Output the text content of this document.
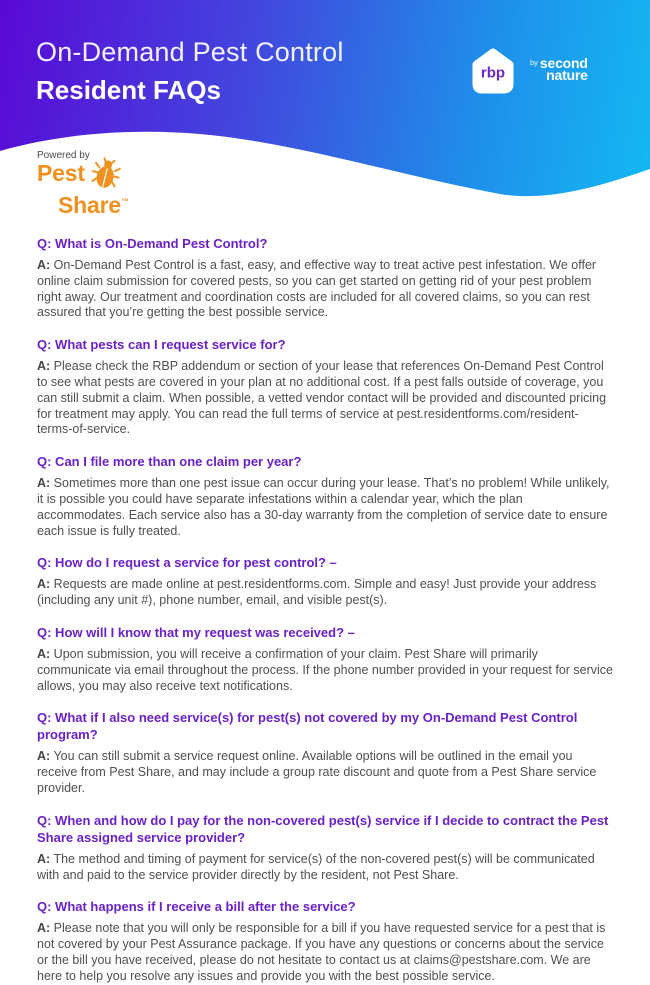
On-Demand Pest Control
Resident FAQs
rbp
by second
nature
Powered by
Pest
Share™
Q: What is On-Demand Pest Control?
A: On-Demand Pest Control is a fast, easy, and effective way to treat active pest infestation. We offer online claim submission for covered pests, so you can get started on getting rid of your pest problem right away. Our treatment and coordination costs are included for all covered claims, so you can rest assured that you’re getting the best possible service.
Q: What pests can I request service for?
A: Please check the RBP addendum or section of your lease that references On-Demand Pest Control to see what pests are covered in your plan at no additional cost. If a pest falls outside of coverage, you can still submit a claim. When possible, a vetted vendor contact will be provided and discounted pricing for treatment may apply. You can read the full terms of service at pest.residentforms.com/resident-terms-of-service.
Q: Can I file more than one claim per year?
A: Sometimes more than one pest issue can occur during your lease. That’s no problem! While unlikely, it is possible you could have separate infestations within a calendar year, which the plan accommodates. Each service also has a 30-day warranty from the completion of service date to ensure each issue is fully treated.
Q: How do I request a service for pest control? –
A: Requests are made online at pest.residentforms.com. Simple and easy! Just provide your address (including any unit #), phone number, email, and visible pest(s).
Q: How will I know that my request was received? –
A: Upon submission, you will receive a confirmation of your claim. Pest Share will primarily communicate via email throughout the process. If the phone number provided in your request for service allows, you may also receive text notifications.
Q: What if I also need service(s) for pest(s) not covered by my On-Demand Pest Control program?
A: You can still submit a service request online. Available options will be outlined in the email you receive from Pest Share, and may include a group rate discount and quote from a Pest Share service provider.
Q: When and how do I pay for the non-covered pest(s) service if I decide to contract the Pest Share assigned service provider?
A: The method and timing of payment for service(s) of the non-covered pest(s) will be communicated with and paid to the service provider directly by the resident, not Pest Share.
Q: What happens if I receive a bill after the service?
A: Please note that you will only be responsible for a bill if you have requested service for a pest that is not covered by your Pest Assurance package. If you have any questions or concerns about the service or the bill you have received, please do not hesitate to contact us at claims@pestshare.com. We are here to help you resolve any issues and provide you with the best possible service.
